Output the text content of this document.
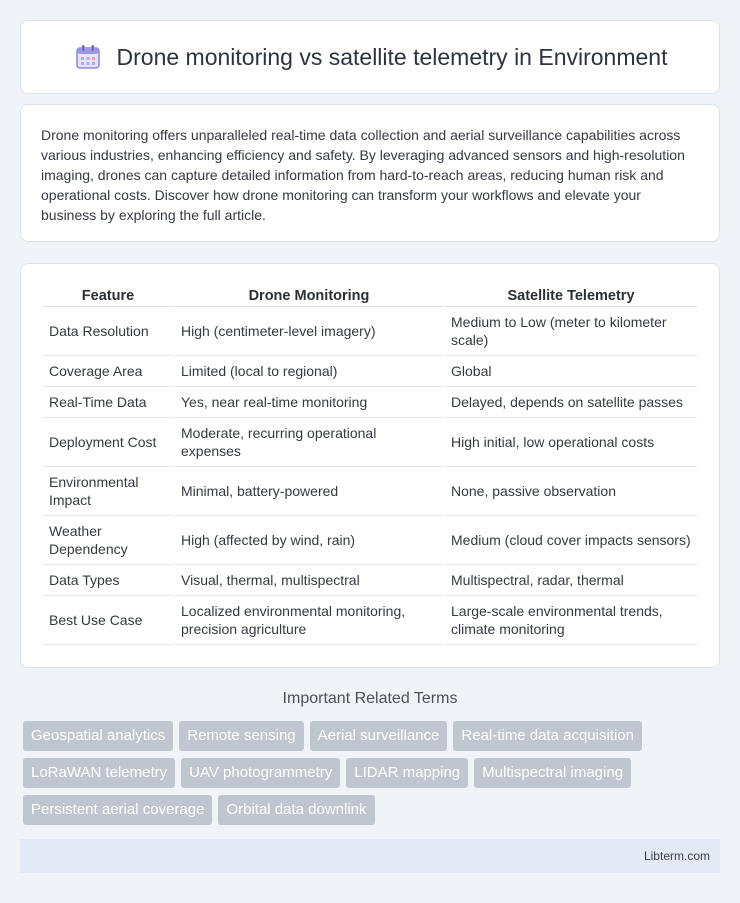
Drone monitoring vs satellite telemetry in Environment

Drone monitoring offers unparalleled real-time data collection and aerial surveillance capabilities across various industries, enhancing efficiency and safety. By leveraging advanced sensors and high-resolution imaging, drones can capture detailed information from hard-to-reach areas, reducing human risk and operational costs. Discover how drone monitoring can transform your workflows and elevate your business by exploring the full article.

Feature	Drone Monitoring	Satellite Telemetry
Data Resolution	High (centimeter-level imagery)	Medium to Low (meter to kilometer scale)
Coverage Area	Limited (local to regional)	Global
Real-Time Data	Yes, near real-time monitoring	Delayed, depends on satellite passes
Deployment Cost	Moderate, recurring operational expenses	High initial, low operational costs
Environmental Impact	Minimal, battery-powered	None, passive observation
Weather Dependency	High (affected by wind, rain)	Medium (cloud cover impacts sensors)
Data Types	Visual, thermal, multispectral	Multispectral, radar, thermal
Best Use Case	Localized environmental monitoring, precision agriculture	Large-scale environmental trends, climate monitoring
Important Related Terms
Geospatial analytics	Remote sensing	Aerial surveillance	Real-time data acquisition
LoRaWAN telemetry	UAV photogrammetry	LIDAR mapping	Multispectral imaging
Persistent aerial coverage	Orbital data downlink
Libterm.com
